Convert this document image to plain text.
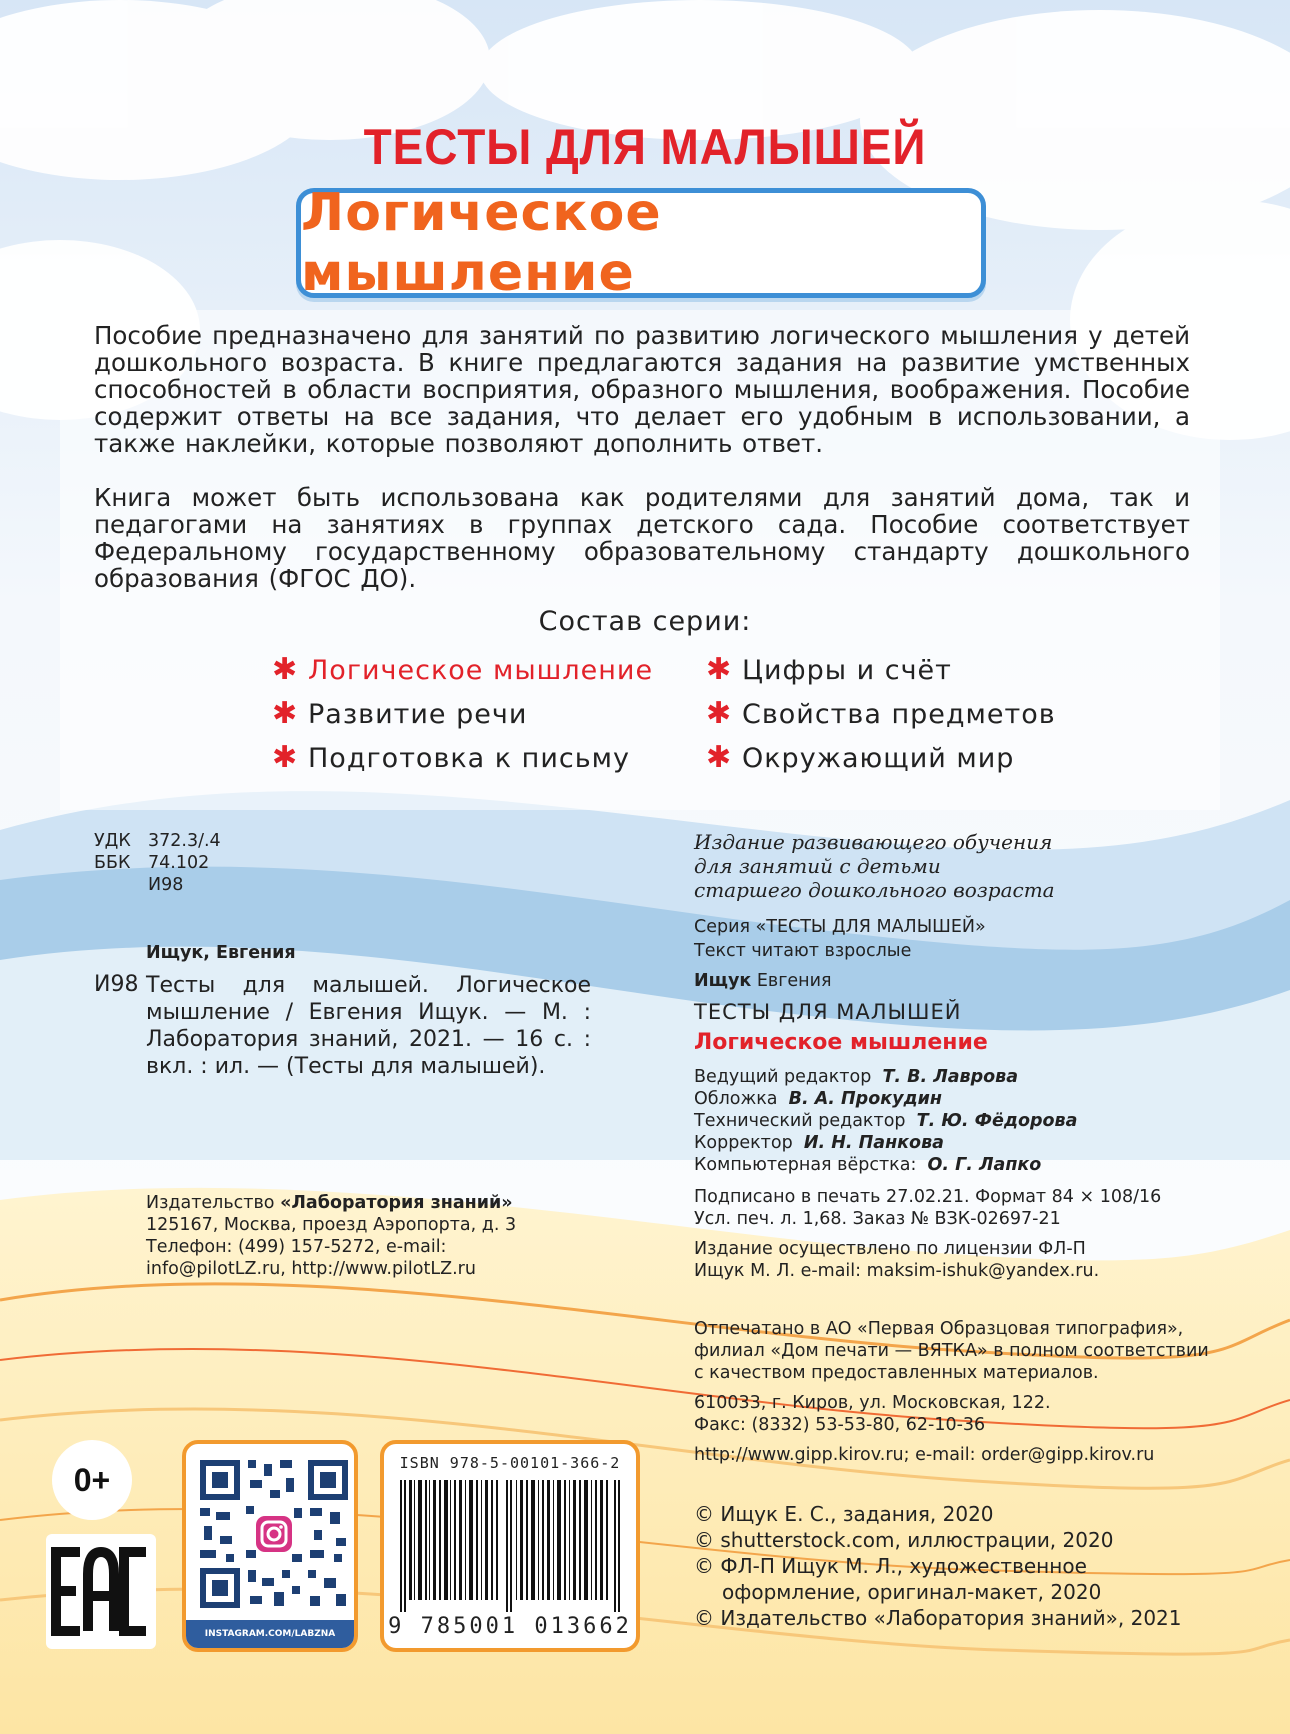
ТЕСТЫ ДЛЯ МАЛЫШЕЙ
Логическое мышление
Пособие предназначено для занятий по развитию логического мышления у детей дошкольного возраста. В книге предлагаются задания на развитие умственных способностей в области восприятия, образного мышления, воображения. Пособие содержит ответы на все задания, что делает его удобным в использовании, а также наклейки, которые позволяют дополнить ответ.
Книга может быть использована как родителями для занятий дома, так и педагогами на занятиях в группах детского сада. Пособие соответствует Федеральному государственному образовательному стандарту дошкольного образования (ФГОС ДО).
Состав серии:
✱ Логическое мышление
✱ Развитие речи
✱ Подготовка к письму
✱ Цифры и счёт
✱ Свойства предметов
✱ Окружающий мир
УДК 372.3/.4
ББК 74.102
И98
Ищук, Евгения
И98 Тесты для малышей. Логическое мышление / Евгения Ищук. — М. : Лаборатория знаний, 2021. — 16 с. : вкл. : ил. — (Тесты для малышей).
Издательство «Лаборатория знаний»
125167, Москва, проезд Аэропорта, д. 3
Телефон: (499) 157-5272, e-mail:
info@pilotLZ.ru, http://www.pilotLZ.ru
Издание развивающего обучения
для занятий с детьми
старшего дошкольного возраста
Серия «ТЕСТЫ ДЛЯ МАЛЫШЕЙ»
Текст читают взрослые
Ищук Евгения
ТЕСТЫ ДЛЯ МАЛЫШЕЙ
Логическое мышление
Ведущий редактор Т. В. Лаврова
Обложка В. А. Прокудин
Технический редактор Т. Ю. Фёдорова
Корректор И. Н. Панкова
Компьютерная вёрстка: О. Г. Лапко
Подписано в печать 27.02.21. Формат 84 × 108/16
Усл. печ. л. 1,68. Заказ № ВЗК-02697-21
Издание осуществлено по лицензии ФЛ-П
Ищук М. Л. e-mail: maksim-ishuk@yandex.ru.
Отпечатано в АО «Первая Образцовая типография»,
филиал «Дом печати — ВЯТКА» в полном соответствии
с качеством предоставленных материалов.
610033, г. Киров, ул. Московская, 122.
Факс: (8332) 53-53-80, 62-10-36
http://www.gipp.kirov.ru; e-mail: order@gipp.kirov.ru
© Ищук Е. С., задания, 2020
© shutterstock.com, иллюстрации, 2020
© ФЛ-П Ищук М. Л., художественное
оформление, оригинал-макет, 2020
© Издательство «Лаборатория знаний», 2021
0+
INSTAGRAM.COM/LABZNA
ISBN 978-5-00101-366-2
9 785001 013662
